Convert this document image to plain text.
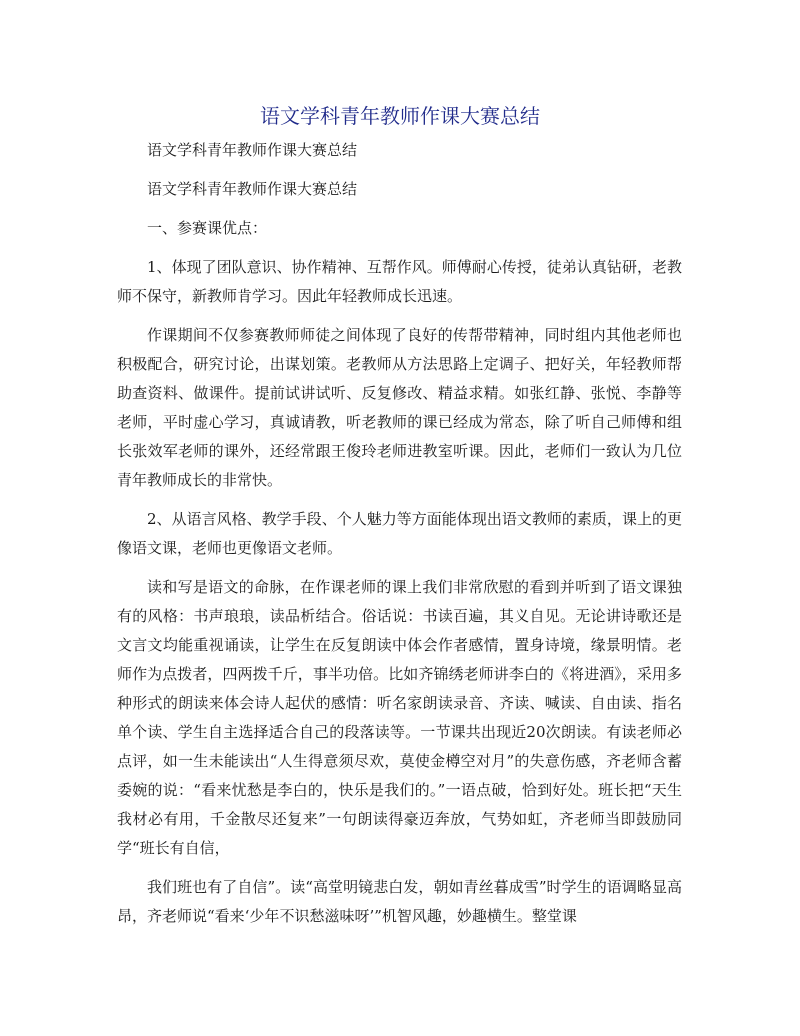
语文学科青年教师作课大赛总结

语文学科青年教师作课大赛总结

语文学科青年教师作课大赛总结

一、参赛课优点：

1、体现了团队意识、协作精神、互帮作风。师傅耐心传授，徒弟认真钻研，老教师不保守，新教师肯学习。因此年轻教师成长迅速。

作课期间不仅参赛教师师徒之间体现了良好的传帮带精神，同时组内其他老师也积极配合，研究讨论，出谋划策。老教师从方法思路上定调子、把好关，年轻教师帮助查资料、做课件。提前试讲试听、反复修改、精益求精。如张红静、张悦、李静等老师，平时虚心学习，真诚请教，听老教师的课已经成为常态，除了听自己师傅和组长张效军老师的课外，还经常跟王俊玲老师进教室听课。因此，老师们一致认为几位青年教师成长的非常快。

2、从语言风格、教学手段、个人魅力等方面能体现出语文教师的素质，课上的更像语文课，老师也更像语文老师。

读和写是语文的命脉，在作课老师的课上我们非常欣慰的看到并听到了语文课独有的风格：书声琅琅，读品析结合。俗话说：书读百遍，其义自见。无论讲诗歌还是文言文均能重视诵读，让学生在反复朗读中体会作者感情，置身诗境，缘景明情。老师作为点拨者，四两拨千斤，事半功倍。比如齐锦绣老师讲李白的《将进酒》，采用多种形式的朗读来体会诗人起伏的感情：听名家朗读录音、齐读、喊读、自由读、指名单个读、学生自主选择适合自己的段落读等。一节课共出现近20次朗读。有读老师必点评，如一生未能读出“人生得意须尽欢，莫使金樽空对月”的失意伤感，齐老师含蓄委婉的说：“看来忧愁是李白的，快乐是我们的。”一语点破，恰到好处。班长把“天生我材必有用，千金散尽还复来”一句朗读得豪迈奔放，气势如虹，齐老师当即鼓励同学“班长有自信，

我们班也有了自信”。读“高堂明镜悲白发，朝如青丝暮成雪”时学生的语调略显高昂，齐老师说“看来‘少年不识愁滋味呀’”机智风趣，妙趣横生。整堂课
